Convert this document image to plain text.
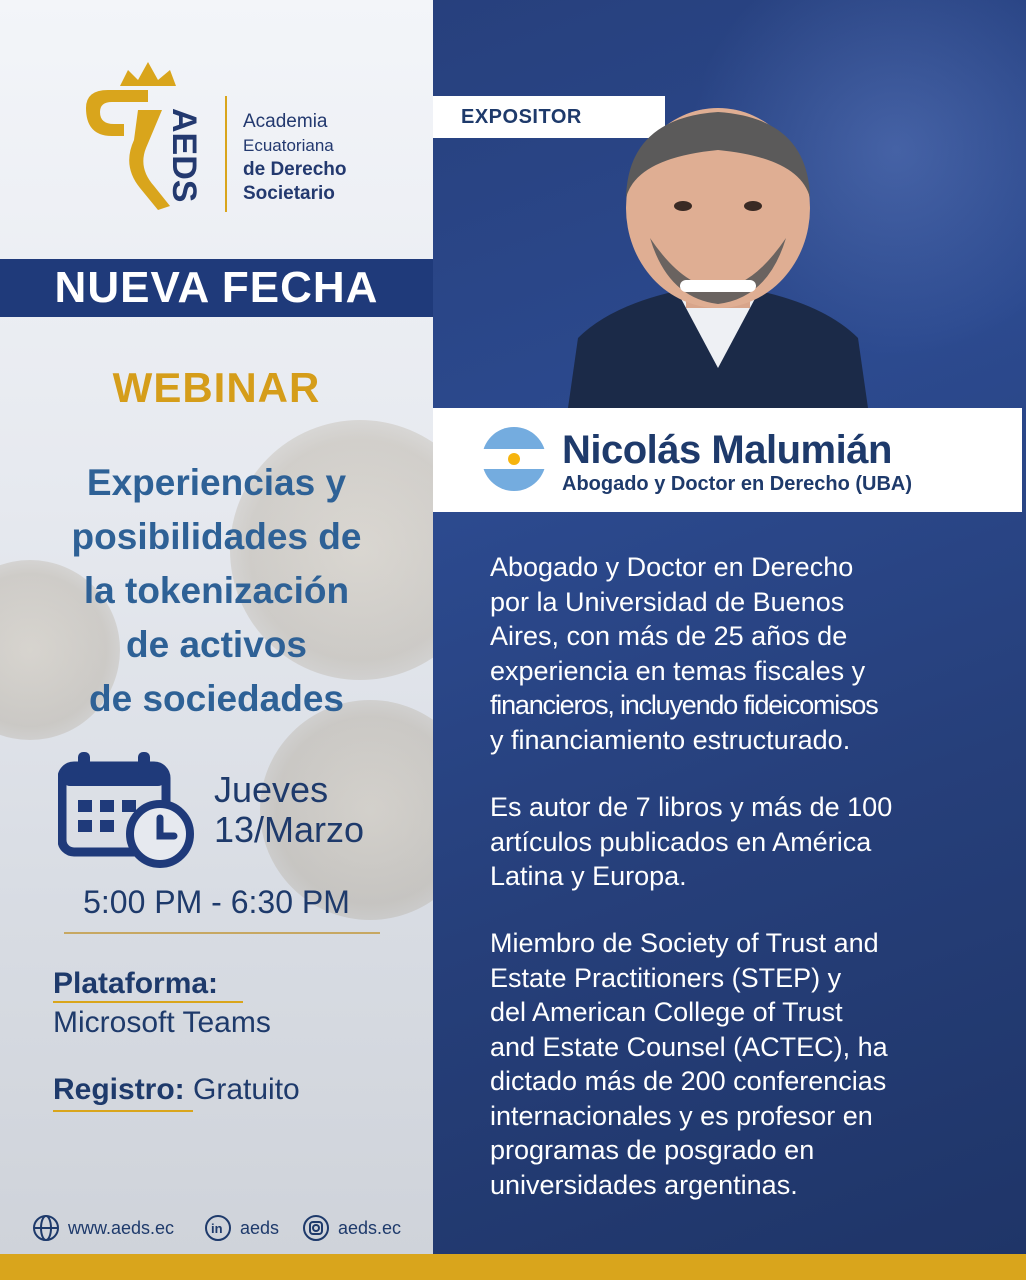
AEDS Academia
Ecuatoriana
de Derecho
Societario
NUEVA FECHA
WEBINAR
Experiencias y
posibilidades de
la tokenización
de activos
de sociedades
Jueves
13/Marzo
5:00 PM - 6:30 PM
Plataforma:
Microsoft Teams
Registro: Gratuito
www.aeds.ec	in aeds	aeds.ec
EXPOSITOR
Nicolás Malumián
Abogado y Doctor en Derecho (UBA)
Abogado y Doctor en Derecho
por la Universidad de Buenos
Aires, con más de 25 años de
experiencia en temas fiscales y
financieros, incluyendo fideicomisos
y financiamiento estructurado.
Es autor de 7 libros y más de 100
artículos publicados en América
Latina y Europa.
Miembro de Society of Trust and
Estate Practitioners (STEP) y
del American College of Trust
and Estate Counsel (ACTEC), ha
dictado más de 200 conferencias
internacionales y es profesor en
programas de posgrado en
universidades argentinas.
